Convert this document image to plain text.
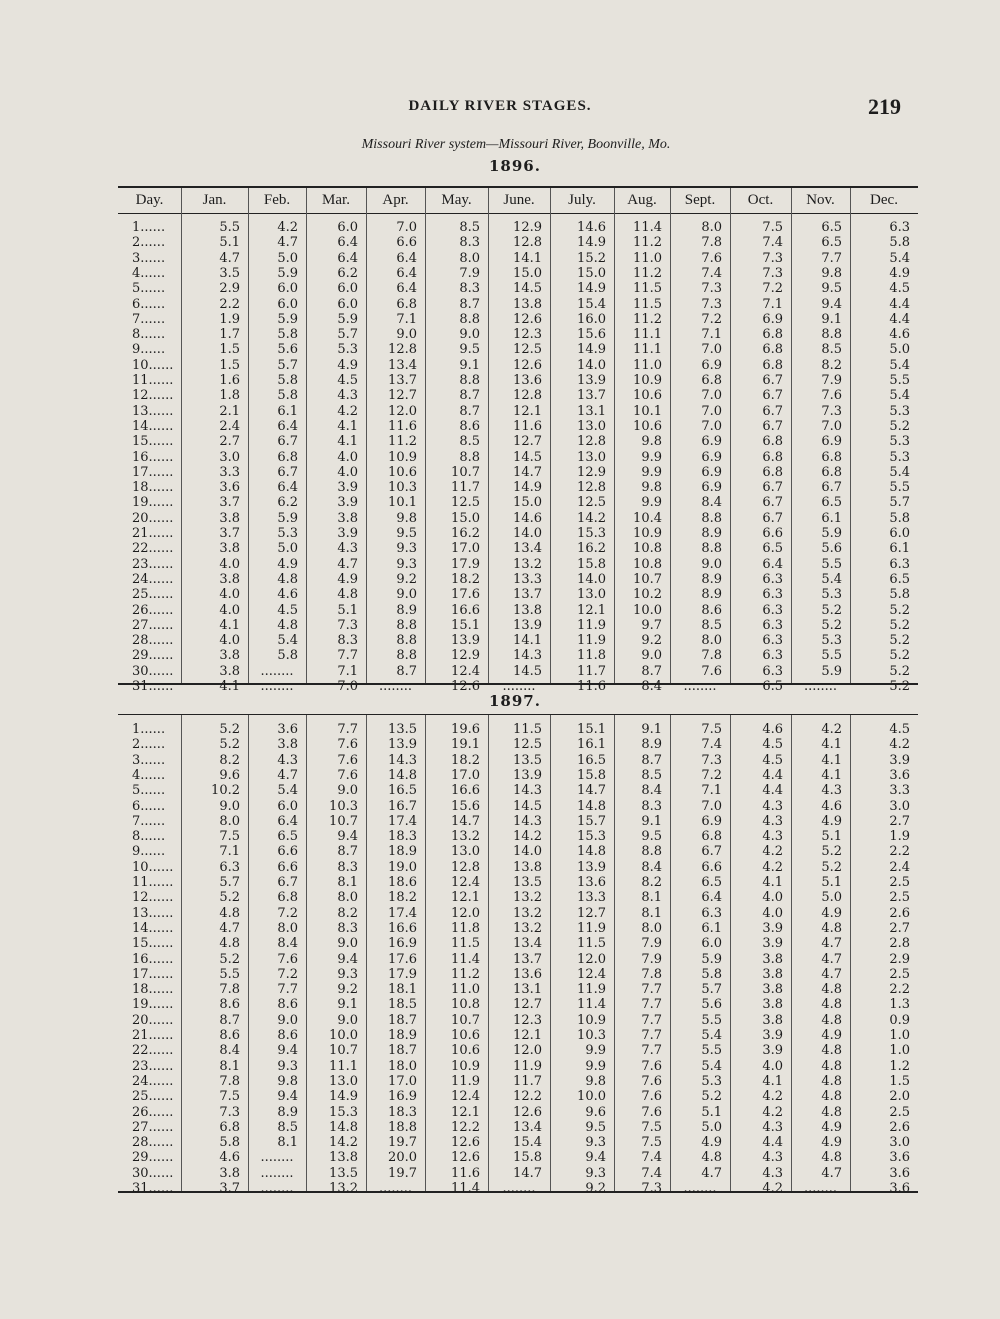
DAILY RIVER STAGES.	219
Missouri River system—Missouri River, Boonville, Mo.
1896.
1897.
Day.	Jan.	Feb.	Mar.	Apr.	May.	June.	July.	Aug.	Sept.	Oct.	Nov.	Dec.
1......	5.5	4.2	6.0	7.0	8.5	12.9	14.6	11.4	8.0	7.5	6.5	6.3
2......	5.1	4.7	6.4	6.6	8.3	12.8	14.9	11.2	7.8	7.4	6.5	5.8
3......	4.7	5.0	6.4	6.4	8.0	14.1	15.2	11.0	7.6	7.3	7.7	5.4
4......	3.5	5.9	6.2	6.4	7.9	15.0	15.0	11.2	7.4	7.3	9.8	4.9
5......	2.9	6.0	6.0	6.4	8.3	14.5	14.9	11.5	7.3	7.2	9.5	4.5
6......	2.2	6.0	6.0	6.8	8.7	13.8	15.4	11.5	7.3	7.1	9.4	4.4
7......	1.9	5.9	5.9	7.1	8.8	12.6	16.0	11.2	7.2	6.9	9.1	4.4
8......	1.7	5.8	5.7	9.0	9.0	12.3	15.6	11.1	7.1	6.8	8.8	4.6
9......	1.5	5.6	5.3	12.8	9.5	12.5	14.9	11.1	7.0	6.8	8.5	5.0
10......	1.5	5.7	4.9	13.4	9.1	12.6	14.0	11.0	6.9	6.8	8.2	5.4
11......	1.6	5.8	4.5	13.7	8.8	13.6	13.9	10.9	6.8	6.7	7.9	5.5
12......	1.8	5.8	4.3	12.7	8.7	12.8	13.7	10.6	7.0	6.7	7.6	5.4
13......	2.1	6.1	4.2	12.0	8.7	12.1	13.1	10.1	7.0	6.7	7.3	5.3
14......	2.4	6.4	4.1	11.6	8.6	11.6	13.0	10.6	7.0	6.7	7.0	5.2
15......	2.7	6.7	4.1	11.2	8.5	12.7	12.8	9.8	6.9	6.8	6.9	5.3
16......	3.0	6.8	4.0	10.9	8.8	14.5	13.0	9.9	6.9	6.8	6.8	5.3
17......	3.3	6.7	4.0	10.6	10.7	14.7	12.9	9.9	6.9	6.8	6.8	5.4
18......	3.6	6.4	3.9	10.3	11.7	14.9	12.8	9.8	6.9	6.7	6.7	5.5
19......	3.7	6.2	3.9	10.1	12.5	15.0	12.5	9.9	8.4	6.7	6.5	5.7
20......	3.8	5.9	3.8	9.8	15.0	14.6	14.2	10.4	8.8	6.7	6.1	5.8
21......	3.7	5.3	3.9	9.5	16.2	14.0	15.3	10.9	8.9	6.6	5.9	6.0
22......	3.8	5.0	4.3	9.3	17.0	13.4	16.2	10.8	8.8	6.5	5.6	6.1
23......	4.0	4.9	4.7	9.3	17.9	13.2	15.8	10.8	9.0	6.4	5.5	6.3
24......	3.8	4.8	4.9	9.2	18.2	13.3	14.0	10.7	8.9	6.3	5.4	6.5
25......	4.0	4.6	4.8	9.0	17.6	13.7	13.0	10.2	8.9	6.3	5.3	5.8
26......	4.0	4.5	5.1	8.9	16.6	13.8	12.1	10.0	8.6	6.3	5.2	5.2
27......	4.1	4.8	7.3	8.8	15.1	13.9	11.9	9.7	8.5	6.3	5.2	5.2
28......	4.0	5.4	8.3	8.8	13.9	14.1	11.9	9.2	8.0	6.3	5.3	5.2
29......	3.8	5.8	7.7	8.8	12.9	14.3	11.8	9.0	7.8	6.3	5.5	5.2
30......	3.8	........	7.1	8.7	12.4	14.5	11.7	8.7	7.6	6.3	5.9	5.2
31......	4.1	........	7.0	........	12.6	........	11.6	8.4	........	6.5	........	5.2
1......	5.2	3.6	7.7	13.5	19.6	11.5	15.1	9.1	7.5	4.6	4.2	4.5
2......	5.2	3.8	7.6	13.9	19.1	12.5	16.1	8.9	7.4	4.5	4.1	4.2
3......	8.2	4.3	7.6	14.3	18.2	13.5	16.5	8.7	7.3	4.5	4.1	3.9
4......	9.6	4.7	7.6	14.8	17.0	13.9	15.8	8.5	7.2	4.4	4.1	3.6
5......	10.2	5.4	9.0	16.5	16.6	14.3	14.7	8.4	7.1	4.4	4.3	3.3
6......	9.0	6.0	10.3	16.7	15.6	14.5	14.8	8.3	7.0	4.3	4.6	3.0
7......	8.0	6.4	10.7	17.4	14.7	14.3	15.7	9.1	6.9	4.3	4.9	2.7
8......	7.5	6.5	9.4	18.3	13.2	14.2	15.3	9.5	6.8	4.3	5.1	1.9
9......	7.1	6.6	8.7	18.9	13.0	14.0	14.8	8.8	6.7	4.2	5.2	2.2
10......	6.3	6.6	8.3	19.0	12.8	13.8	13.9	8.4	6.6	4.2	5.2	2.4
11......	5.7	6.7	8.1	18.6	12.4	13.5	13.6	8.2	6.5	4.1	5.1	2.5
12......	5.2	6.8	8.0	18.2	12.1	13.2	13.3	8.1	6.4	4.0	5.0	2.5
13......	4.8	7.2	8.2	17.4	12.0	13.2	12.7	8.1	6.3	4.0	4.9	2.6
14......	4.7	8.0	8.3	16.6	11.8	13.2	11.9	8.0	6.1	3.9	4.8	2.7
15......	4.8	8.4	9.0	16.9	11.5	13.4	11.5	7.9	6.0	3.9	4.7	2.8
16......	5.2	7.6	9.4	17.6	11.4	13.7	12.0	7.9	5.9	3.8	4.7	2.9
17......	5.5	7.2	9.3	17.9	11.2	13.6	12.4	7.8	5.8	3.8	4.7	2.5
18......	7.8	7.7	9.2	18.1	11.0	13.1	11.9	7.7	5.7	3.8	4.8	2.2
19......	8.6	8.6	9.1	18.5	10.8	12.7	11.4	7.7	5.6	3.8	4.8	1.3
20......	8.7	9.0	9.0	18.7	10.7	12.3	10.9	7.7	5.5	3.8	4.8	0.9
21......	8.6	8.6	10.0	18.9	10.6	12.1	10.3	7.7	5.4	3.9	4.9	1.0
22......	8.4	9.4	10.7	18.7	10.6	12.0	9.9	7.7	5.5	3.9	4.8	1.0
23......	8.1	9.3	11.1	18.0	10.9	11.9	9.9	7.6	5.4	4.0	4.8	1.2
24......	7.8	9.8	13.0	17.0	11.9	11.7	9.8	7.6	5.3	4.1	4.8	1.5
25......	7.5	9.4	14.9	16.9	12.4	12.2	10.0	7.6	5.2	4.2	4.8	2.0
26......	7.3	8.9	15.3	18.3	12.1	12.6	9.6	7.6	5.1	4.2	4.8	2.5
27......	6.8	8.5	14.8	18.8	12.2	13.4	9.5	7.5	5.0	4.3	4.9	2.6
28......	5.8	8.1	14.2	19.7	12.6	15.4	9.3	7.5	4.9	4.4	4.9	3.0
29......	4.6	........	13.8	20.0	12.6	15.8	9.4	7.4	4.8	4.3	4.8	3.6
30......	3.8	........	13.5	19.7	11.6	14.7	9.3	7.4	4.7	4.3	4.7	3.6
31......	3.7	........	13.2	........	11.4	........	9.2	7.3	........	4.2	........	3.6
